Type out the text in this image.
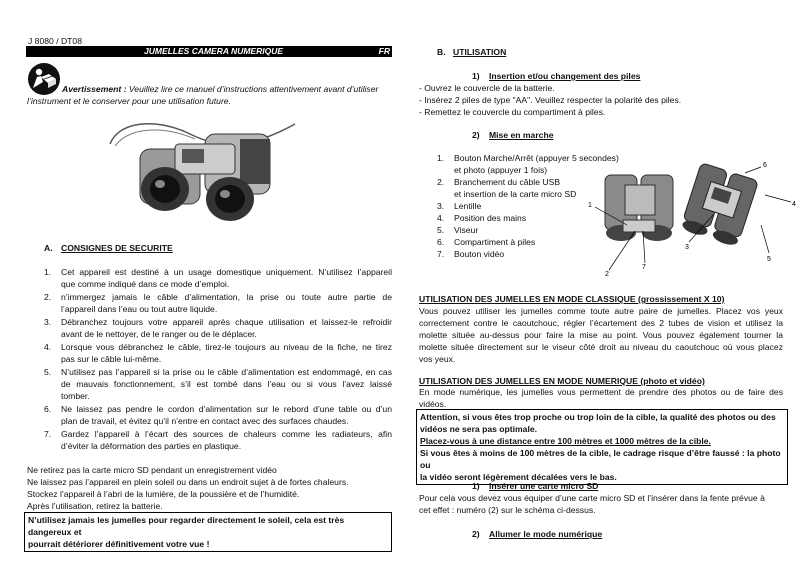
J 8080 / DT08
JUMELLES CAMERA NUMERIQUE	FR
Avertissement : Veuillez lire ce manuel d’instructions attentivement avant d’utiliser
l’instrument et le conserver pour une utilisation future.
A. CONSIGNES DE SECURITE
1.	Cet appareil est destiné à un usage domestique uniquement. N’utilisez l’appareil
que comme indiqué dans ce mode d’emploi.
2.	n’immergez jamais le câble d’alimentation, la prise ou toute autre partie de
l’appareil dans l’eau ou tout autre liquide.
3.	Débranchez toujours votre appareil après chaque utilisation et laissez-le refroidir
avant de le nettoyer, de le ranger ou de le déplacer.
4.	Lorsque vous débranchez le câble, tirez-le toujours au niveau de la fiche, ne tirez
pas sur le câble lui-même.
5.	N’utilisez pas l’appareil si la prise ou le câble d’alimentation est endommagé, en cas
de mauvais fonctionnement, s’il est tombé dans l’eau ou si vous l’avez laissé
tomber.
6.	Ne laissez pas pendre le cordon d’alimentation sur le rebord d’une table ou d’un
plan de travail, et évitez qu’il n’entre en contact avec des surfaces chaudes.
7.	Gardez l’appareil à l’écart des sources de chaleurs comme les radiateurs, afin
d’éviter la déformation des parties en plastique.
Ne retirez pas la carte micro SD pendant un enregistrement vidéo
Ne laissez pas l’appareil en plein soleil ou dans un endroit sujet à de fortes chaleurs.
Stockez l’appareil à l’abri de la lumière, de la poussière et de l’humidité.
Après l’utilisation, retirez la batterie.
N’utilisez jamais les jumelles pour regarder directement le soleil, cela est très dangereux et
pourrait détériorer définitivement votre vue !
B. UTILISATION
1) Insertion et/ou changement des piles
- Ouvrez le couvercle de la batterie.
- Insérez 2 piles de type "AA". Veuillez respecter la polarité des piles.
- Remettez le couvercle du compartiment à piles.
2) Mise en marche
1.	Bouton Marche/Arrêt (appuyer 5 secondes)
et photo (appuyer 1 fois)
2.	Branchement du câble USB
et insertion de la carte micro SD
3.	Lentille
4.	Position des mains
5.	Viseur
6.	Compartiment à piles
7.	Bouton vidéo
1
2
7
3
4
5
6
UTILISATION DES JUMELLES EN MODE CLASSIQUE (grossissement X 10)
Vous pouvez utiliser les jumelles comme toute autre paire de jumelles. Placez vos yeux
correctement contre le caoutchouc, régler l’écartement des 2 tubes de vision et utilisez la
molette située au-dessus pour faire la mise au point. Vous pouvez également tourner la
molette située directement sur le viseur côté droit au niveau du caoutchouc où vous placez
vos yeux.
UTILISATION DES JUMELLES EN MODE NUMERIQUE (photo et vidéo)
En mode numérique, les jumelles vous permettent de prendre des photos ou de faire des
vidéos.
Attention, si vous êtes trop proche ou trop loin de la cible, la qualité des photos ou des
vidéos ne sera pas optimale.
Placez-vous à une distance entre 100 mètres et 1000 mètres de la cible.
Si vous êtes à moins de 100 mètres de la cible, le cadrage risque d’être faussé : la photo ou
la vidéo seront légèrement décalées vers le bas.
1) Insérer une carte micro SD
Pour cela vous devez vous équiper d’une carte micro SD et l’insérer dans la fente prévue à
cet effet : numéro (2) sur le schéma ci-dessus.
2) Allumer le mode numérique
